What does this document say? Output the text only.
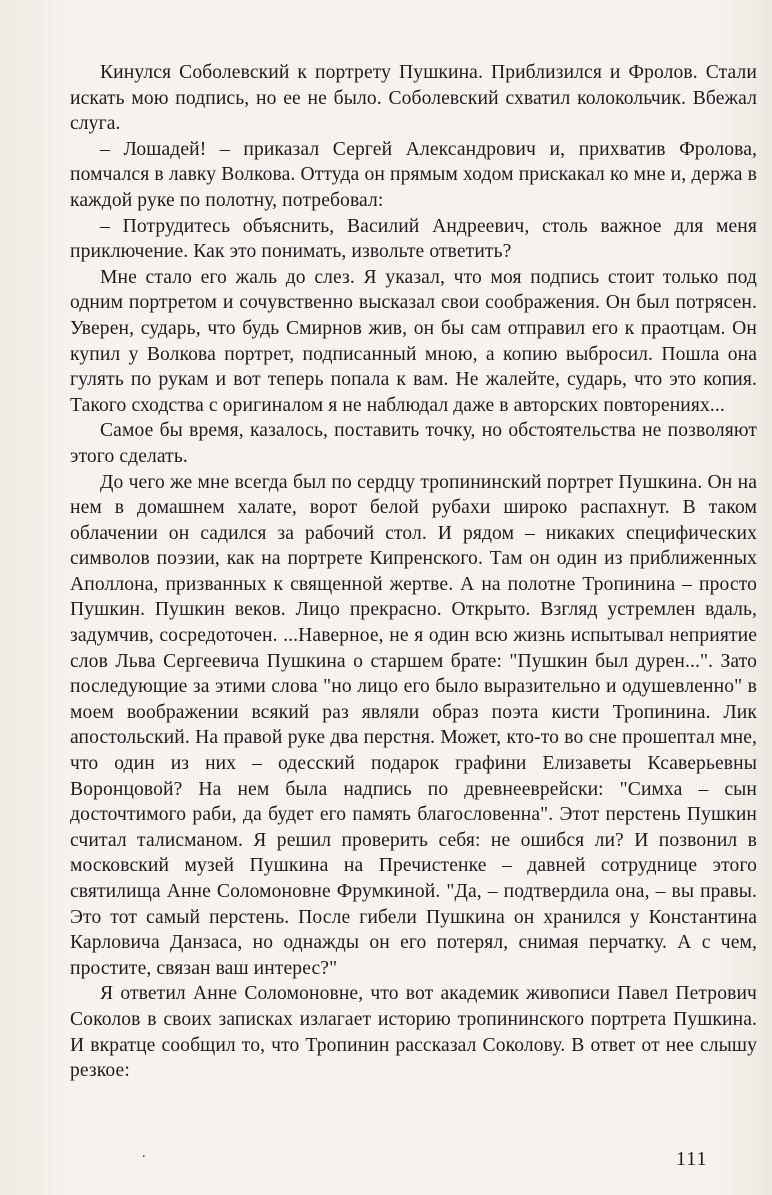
Кинулся Соболевский к портрету Пушкина. Приблизился и Фролов. Стали искать мою подпись, но ее не было. Соболевский схватил колокольчик. Вбежал слуга.

– Лошадей! – приказал Сергей Александрович и, прихватив Фролова, помчался в лавку Волкова. Оттуда он прямым ходом прискакал ко мне и, держа в каждой руке по полотну, потребовал:

– Потрудитесь объяснить, Василий Андреевич, столь важное для меня приключение. Как это понимать, извольте ответить?

Мне стало его жаль до слез. Я указал, что моя подпись стоит только под одним портретом и сочувственно высказал свои соображения. Он был потрясен. Уверен, сударь, что будь Смирнов жив, он бы сам отправил его к праотцам. Он купил у Волкова портрет, подписанный мною, а копию выбросил. Пошла она гулять по рукам и вот теперь попала к вам. Не жалейте, сударь, что это копия. Такого сходства с оригиналом я не наблюдал даже в авторских повторениях...

Самое бы время, казалось, поставить точку, но обстоятельства не позволяют этого сделать.

До чего же мне всегда был по сердцу тропининский портрет Пушкина. Он на нем в домашнем халате, ворот белой рубахи широко распахнут. В таком облачении он садился за рабочий стол. И рядом – никаких специфических символов поэзии, как на портрете Кипренского. Там он один из приближенных Аполлона, призванных к священной жертве. А на полотне Тропинина – просто Пушкин. Пушкин веков. Лицо прекрасно. Открыто. Взгляд устремлен вдаль, задумчив, сосредоточен. ...Наверное, не я один всю жизнь испытывал неприятие слов Льва Сергеевича Пушкина о старшем брате: "Пушкин был дурен...". Зато последующие за этими слова "но лицо его было выразительно и одушевленно" в моем воображении всякий раз являли образ поэта кисти Тропинина. Лик апостольский. На правой руке два перстня. Может, кто-то во сне прошептал мне, что один из них – одесский подарок графини Елизаветы Ксаверьевны Воронцовой? На нем была надпись по древнееврейски: "Симха – сын досточтимого раби, да будет его память благословенна". Этот перстень Пушкин считал талисманом. Я решил проверить себя: не ошибся ли? И позвонил в московский музей Пушкина на Пречистенке – давней сотруднице этого святилища Анне Соломоновне Фрумкиной. "Да, – подтвердила она, – вы правы. Это тот самый перстень. После гибели Пушкина он хранился у Константина Карловича Данзаса, но однажды он его потерял, снимая перчатку. А с чем, простите, связан ваш интерес?"

Я ответил Анне Соломоновне, что вот академик живописи Павел Петрович Соколов в своих записках излагает историю тропининского портрета Пушкина. И вкратце сообщил то, что Тропинин рассказал Соколову. В ответ от нее слышу резкое:

.	111
